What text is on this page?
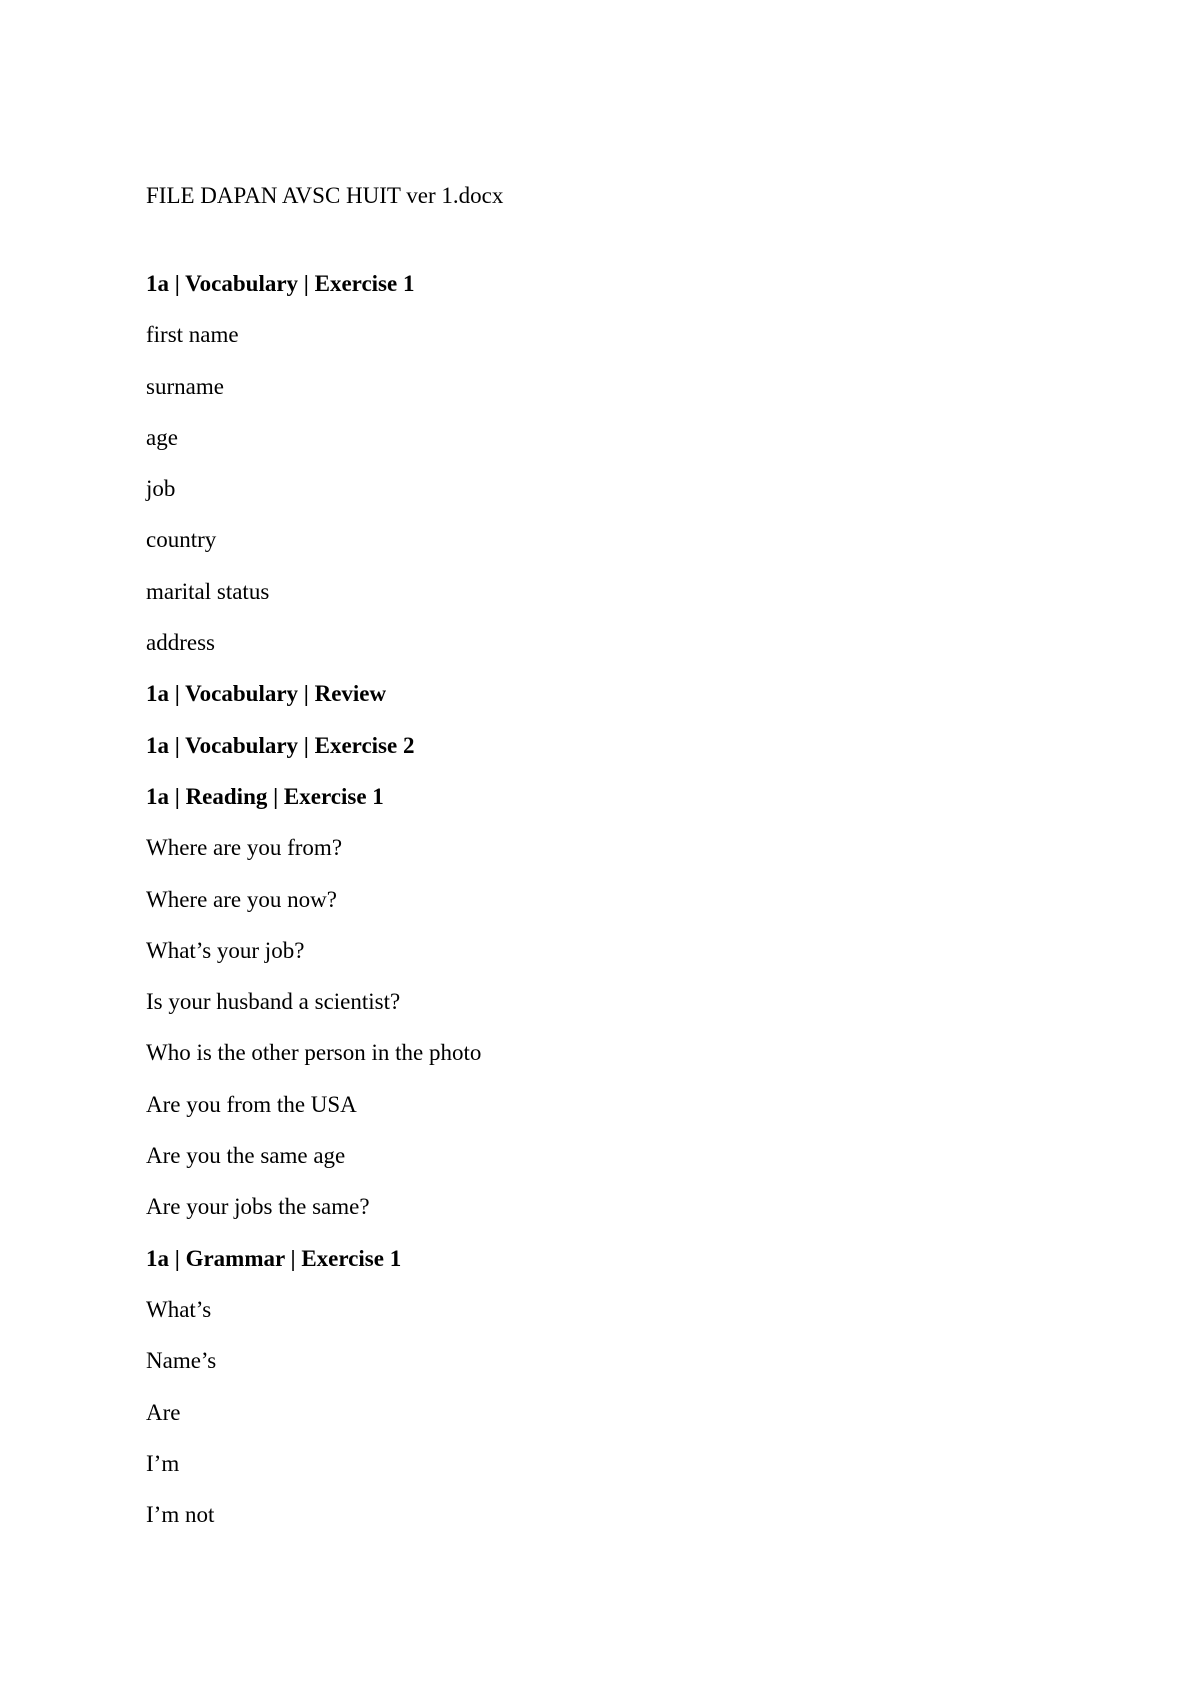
FILE DAPAN AVSC HUIT ver 1.docx
1a | Vocabulary | Exercise 1
first name
surname
age
job
country
marital status
address
1a | Vocabulary | Review
1a | Vocabulary | Exercise 2
1a | Reading | Exercise 1
Where are you from?
Where are you now?
What’s your job?
Is your husband a scientist?
Who is the other person in the photo
Are you from the USA
Are you the same age
Are your jobs the same?
1a | Grammar | Exercise 1
What’s
Name’s
Are
I’m
I’m not
